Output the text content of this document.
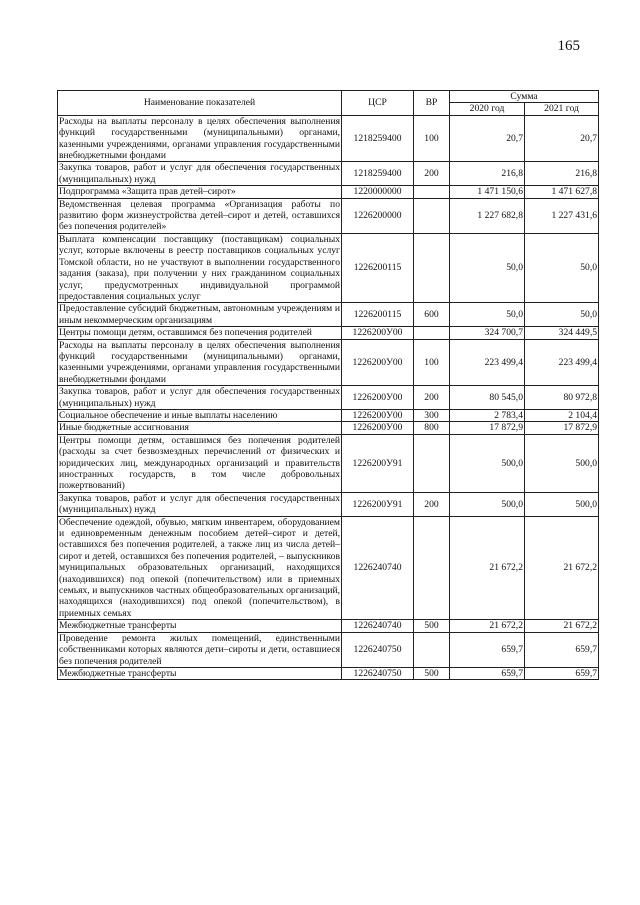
165
Наименование показателей	ЦСР	ВР	Сумма	
			2020 год	2021 год
Расходы на выплаты персоналу в целях обеспечения выполнения функций государственными (муниципальными) органами, казенными учреждениями, органами управления государственными внебюджетными фондами	1218259400	100	20,7	20,7
Закупка товаров, работ и услуг для обеспечения государственных (муниципальных) нужд	1218259400	200	216,8	216,8
Подпрограмма «Защита прав детей–сирот»	1220000000		1 471 150,6	1 471 627,8
Ведомственная целевая программа «Организация работы по развитию форм жизнеустройства детей–сирот и детей, оставшихся без попечения родителей»	1226200000		1 227 682,8	1 227 431,6
Выплата компенсации поставщику (поставщикам) социальных услуг, которые включены в реестр поставщиков социальных услуг Томской области, но не участвуют в выполнении государственного задания (заказа), при получении у них гражданином социальных услуг, предусмотренных индивидуальной программой предоставления социальных услуг	1226200115		50,0	50,0
Предоставление субсидий бюджетным, автономным учреждениям и иным некоммерческим организациям	1226200115	600	50,0	50,0
Центры помощи детям, оставшимся без попечения родителей	1226200У00		324 700,7	324 449,5
Расходы на выплаты персоналу в целях обеспечения выполнения функций государственными (муниципальными) органами, казенными учреждениями, органами управления государственными внебюджетными фондами	1226200У00	100	223 499,4	223 499,4
Закупка товаров, работ и услуг для обеспечения государственных (муниципальных) нужд	1226200У00	200	80 545,0	80 972,8
Социальное обеспечение и иные выплаты населению	1226200У00	300	2 783,4	2 104,4
Иные бюджетные ассигнования	1226200У00	800	17 872,9	17 872,9
Центры помощи детям, оставшимся без попечения родителей (расходы за счет безвозмездных перечислений от физических и юридических лиц, международных организаций и правительств иностранных государств, в том числе добровольных пожертвований)	1226200У91		500,0	500,0
Закупка товаров, работ и услуг для обеспечения государственных (муниципальных) нужд	1226200У91	200	500,0	500,0
Обеспечение одеждой, обувью, мягким инвентарем, оборудованием и единовременным денежным пособием детей–сирот и детей, оставшихся без попечения родителей, а также лиц из числа детей–сирот и детей, оставшихся без попечения родителей, – выпускников муниципальных образовательных организаций, находящихся (находившихся) под опекой (попечительством) или в приемных семьях, и выпускников частных общеобразовательных организаций, находящихся (находившихся) под опекой (попечительством), в приемных семьях	1226240740		21 672,2	21 672,2
Межбюджетные трансферты	1226240740	500	21 672,2	21 672,2
Проведение ремонта жилых помещений, единственными собственниками которых являются дети–сироты и дети, оставшиеся без попечения родителей	1226240750		659,7	659,7
Межбюджетные трансферты	1226240750	500	659,7	659,7
